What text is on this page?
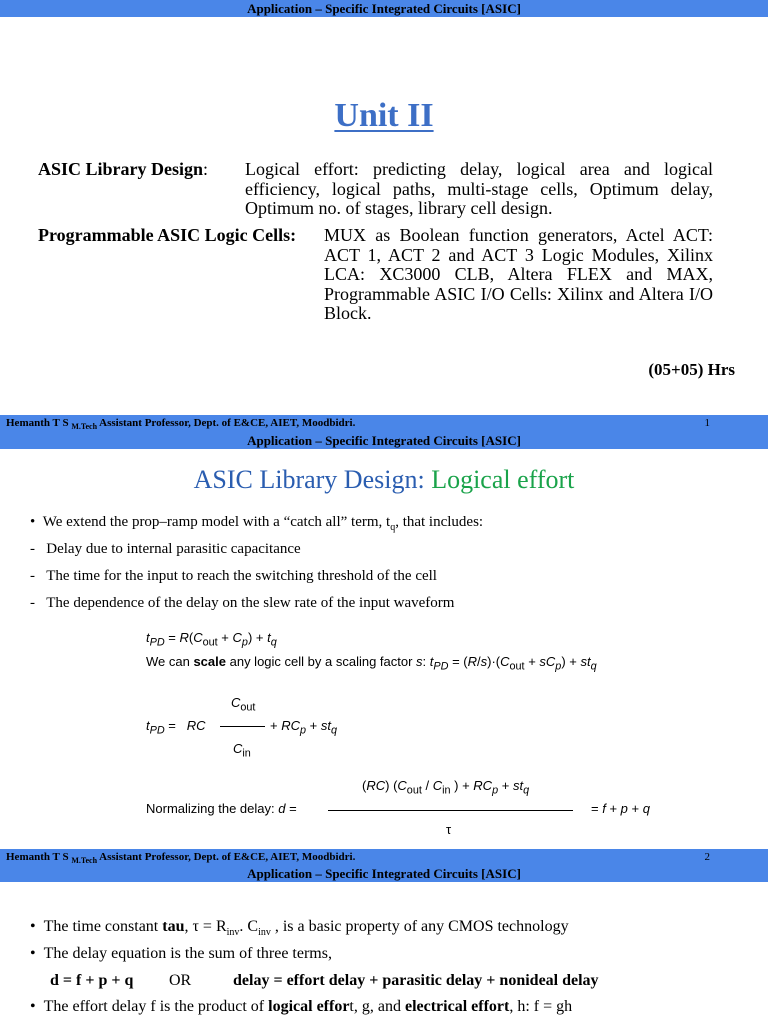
Application – Specific Integrated Circuits [ASIC]
Unit II
ASIC Library Design:	Logical effort: predicting delay, logical area and logical efficiency, logical paths, multi-stage cells, Optimum delay, Optimum no. of stages, library cell design.
Programmable ASIC Logic Cells: MUX as Boolean function generators, Actel ACT: ACT 1, ACT 2 and ACT 3 Logic Modules, Xilinx LCA: XC3000 CLB, Altera FLEX and MAX, Programmable ASIC I/O Cells: Xilinx and Altera I/O Block.
(05+05) Hrs
Hemanth T S $_{M.Tech}$ Assistant Professor, Dept. of E&CE, AIET, Moodbidri.	1
Application – Specific Integrated Circuits [ASIC]
ASIC Library Design: Logical effort
•  We extend the prop–ramp model with a “catch all” term, $t_q$, that includes:
-   Delay due to internal parasitic capacitance
-   The time for the input to reach the switching threshold of the cell
-   The dependence of the delay on the slew rate of the input waveform
$t_{PD} = R(C_{out} + C_p) + t_q$
We can scale any logic cell by a scaling factor s: $t_{PD} = (R/s)\cdot(C_{out} + sC_p) + st_q$
$C_{out}$
$t_{PD}$ =   RC	+ $RC_p + st_q$
$C_{in}$
(RC) ($C_{out} / C_{in}$ ) + $RC_p + st_q$
Normalizing the delay: d =	= f + p + q
τ
Hemanth T S $_{M.Tech}$ Assistant Professor, Dept. of E&CE, AIET, Moodbidri.	2
Application – Specific Integrated Circuits [ASIC]
•  The time constant tau, $\tau = R_{inv}$. $C_{inv}$ , is a basic property of any CMOS technology
•  The delay equation is the sum of three terms,
d = f + p + q OR	delay = effort delay + parasitic delay + nonideal delay
•  The effort delay f is the product of logical effort, g, and electrical effort, h: f = gh
